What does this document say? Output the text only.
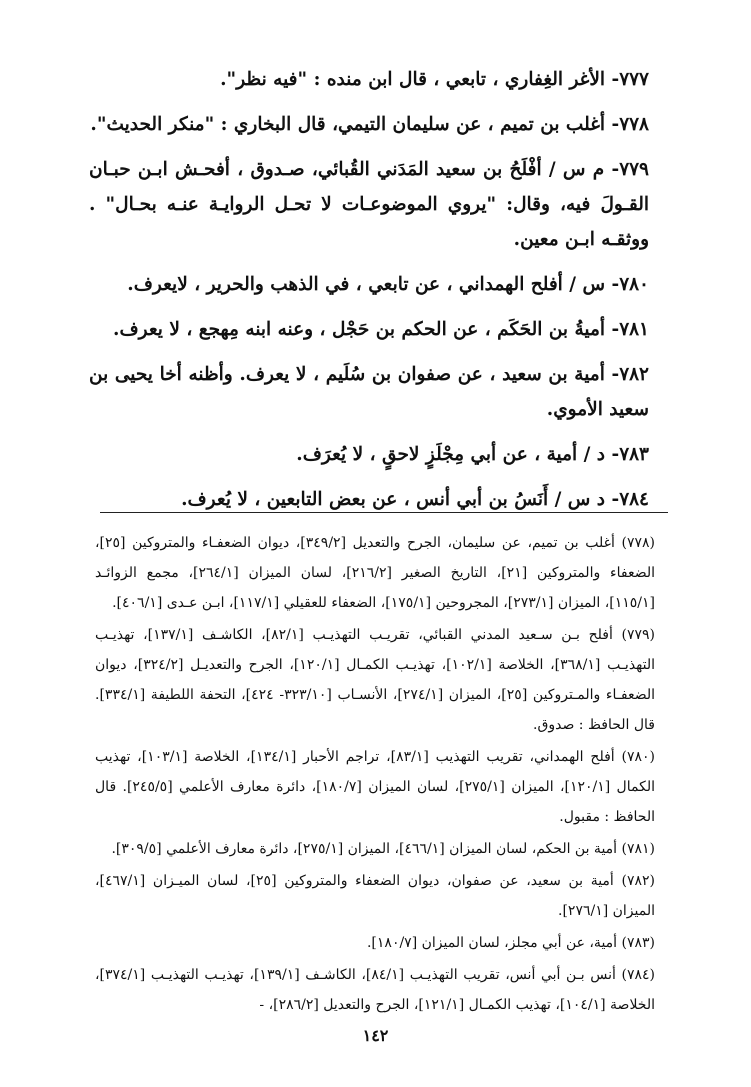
٧٧٧- الأغر الغِفاري ، تابعي ، قال ابن منده : "فيه نظر".

٧٧٨- أغلب بن تميم ، عن سليمان التيمي، قال البخاري : "منكر الحديث".

٧٧٩- م س / أفْلَحُ بن سعيد المَدَني القُبائي، صـدوق ، أفحـش ابـن حبـان القـولَ فيه، وقال: "يروي الموضوعـات لا تحـل الروايـة عنـه بحـال" . ووثقـه ابـن معين.

٧٨٠- س / أفلح الهمداني ، عن تابعي ، في الذهب والحرير ، لايعرف.

٧٨١- أميةُ بن الحَكَم ، عن الحكم بن حَجْل ، وعنه ابنه مِهجع ، لا يعرف.

٧٨٢- أمية بن سعيد ، عن صفوان بن سُلَيم ، لا يعرف. وأظنه أخا يحيى بن سعيد الأموي.

٧٨٣- د / أمية ، عن أبي مِجْلَزٍ لاحقٍ ، لا يُعرَف.

٧٨٤- د س / أَنَسُ بن أبي أنس ، عن بعض التابعين ، لا يُعرف.

(٧٧٨) أغلب بن تميم، عن سليمان، الجرح والتعديل [٣٤٩/٢]، ديوان الضعفـاء والمتروكين [٢٥]، الضعفاء والمتروكين [٢١]، التاريخ الصغير [٢١٦/٢]، لسان الميزان [٢٦٤/١]، مجمع الزوائـد [١١٥/١]، الميزان [٢٧٣/١]، المجروحين [١٧٥/١]، الضعفاء للعقيلي [١١٧/١]، ابـن عـدى [٤٠٦/١].

(٧٧٩) أفلح بـن سـعيد المدني القبائي، تقريـب التهذيـب [٨٢/١]، الكاشـف [١٣٧/١]، تهذيـب التهذيـب [٣٦٨/١]، الخلاصة [١٠٢/١]، تهذيـب الكمـال [١٢٠/١]، الجرح والتعديـل [٣٢٤/٢]، ديوان الضعفـاء والمـتروكين [٢٥]، الميزان [٢٧٤/١]، الأنسـاب [٣٢٣/١٠- ٤٢٤]، التحفة اللطيفة [٣٣٤/١]. قال الحافظ : صدوق.

(٧٨٠) أفلح الهمداني، تقريب التهذيب [٨٣/١]، تراجم الأحبار [١٣٤/١]، الخلاصة [١٠٣/١]، تهذيب الكمال [١٢٠/١]، الميزان [٢٧٥/١]، لسان الميزان [١٨٠/٧]، دائرة معارف الأعلمي [٢٤٥/٥]. قال الحافظ : مقبول.

(٧٨١) أمية بن الحكم، لسان الميزان [٤٦٦/١]، الميزان [٢٧٥/١]، دائرة معارف الأعلمي [٣٠٩/٥].

(٧٨٢) أمية بن سعيد، عن صفوان، ديوان الضعفاء والمتروكين [٢٥]، لسان الميـزان [٤٦٧/١]، الميزان [٢٧٦/١].

(٧٨٣) أمية، عن أبي مجلز، لسان الميزان [١٨٠/٧].

(٧٨٤) أنس بـن أبي أنس، تقريب التهذيـب [٨٤/١]، الكاشـف [١٣٩/١]، تهذيـب التهذيـب [٣٧٤/١]، الخلاصة [١٠٤/١]، تهذيب الكمـال [١٢١/١]، الجرح والتعديل [٢٨٦/٢]، -

١٤٢
